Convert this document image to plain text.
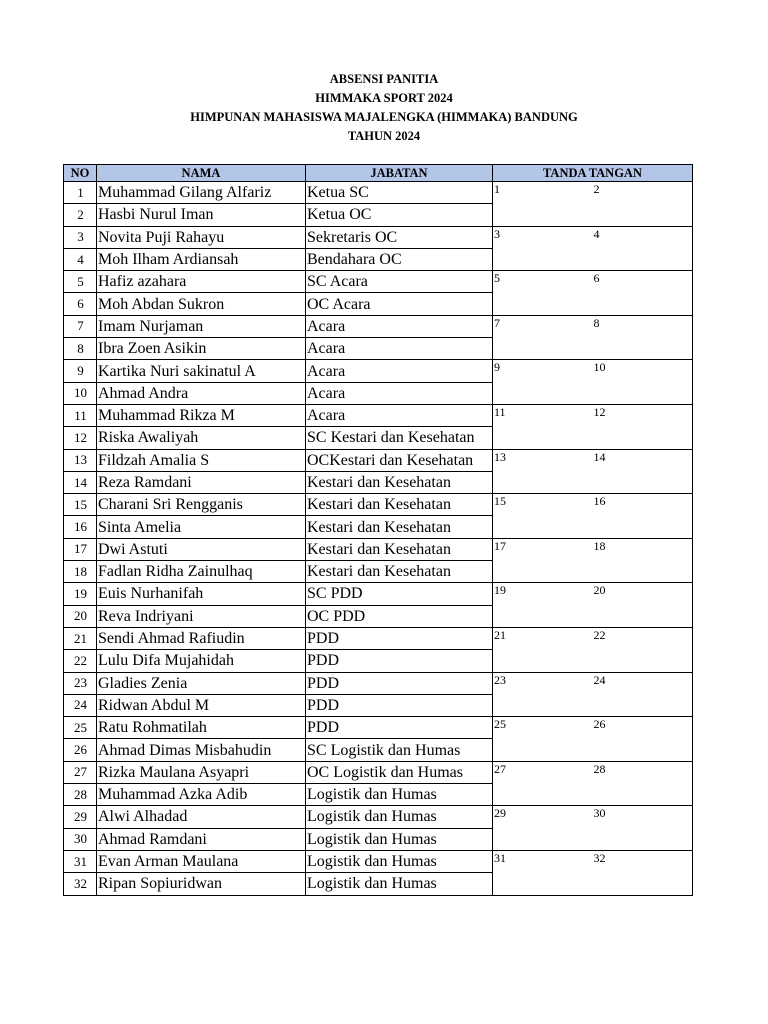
ABSENSI PANITIA
HIMMAKA SPORT 2024
HIMPUNAN MAHASISWA MAJALENGKA (HIMMAKA) BANDUNG
TAHUN 2024
NO	NAMA	JABATAN	TANDA TANGAN	
1	Muhammad Gilang Alfariz	Ketua SC	1	2
2	Hasbi Nurul Iman	Ketua OC		
3	Novita Puji Rahayu	Sekretaris OC	3	4
4	Moh Ilham Ardiansah	Bendahara OC		
5	Hafiz azahara	SC Acara	5	6
6	Moh Abdan Sukron	OC Acara		
7	Imam Nurjaman	Acara	7	8
8	Ibra Zoen Asikin	Acara		
9	Kartika Nuri sakinatul A	Acara	9	10
10	Ahmad Andra	Acara		
11	Muhammad Rikza M	Acara	11	12
12	Riska Awaliyah	SC Kestari dan Kesehatan		
13	Fildzah Amalia S	OCKestari dan Kesehatan	13	14
14	Reza Ramdani	Kestari dan Kesehatan		
15	Charani Sri Rengganis	Kestari dan Kesehatan	15	16
16	Sinta Amelia	Kestari dan Kesehatan		
17	Dwi Astuti	Kestari dan Kesehatan	17	18
18	Fadlan Ridha Zainulhaq	Kestari dan Kesehatan		
19	Euis Nurhanifah	SC PDD	19	20
20	Reva Indriyani	OC PDD		
21	Sendi Ahmad Rafiudin	PDD	21	22
22	Lulu Difa Mujahidah	PDD		
23	Gladies Zenia	PDD	23	24
24	Ridwan Abdul M	PDD		
25	Ratu Rohmatilah	PDD	25	26
26	Ahmad Dimas Misbahudin	SC Logistik dan Humas		
27	Rizka Maulana Asyapri	OC Logistik dan Humas	27	28
28	Muhammad Azka Adib	Logistik dan Humas		
29	Alwi Alhadad	Logistik dan Humas	29	30
30	Ahmad Ramdani	Logistik dan Humas		
31	Evan Arman Maulana	Logistik dan Humas	31	32
32	Ripan Sopiuridwan	Logistik dan Humas		
